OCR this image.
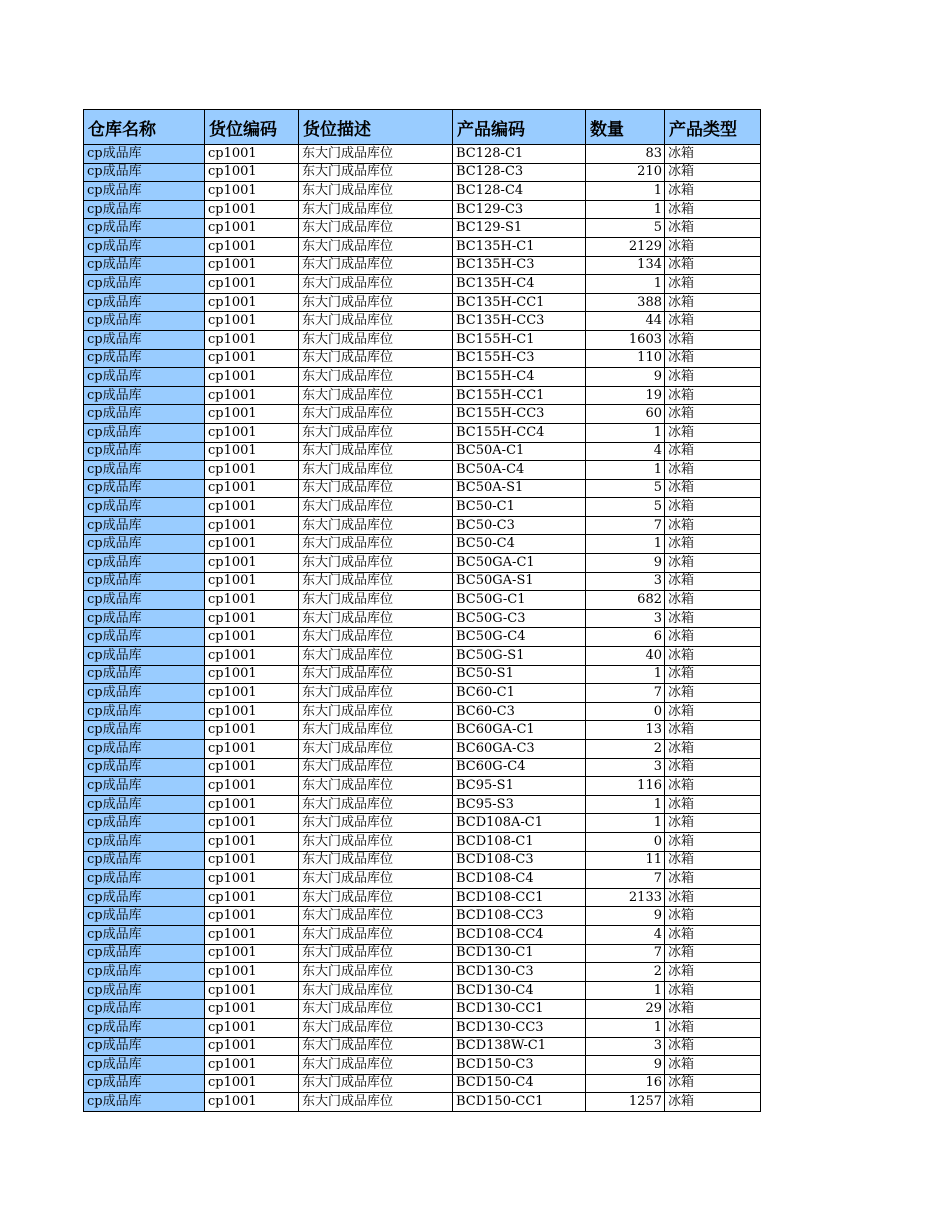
仓库名称	货位编码	货位描述	产品编码	数量	产品类型
cp成品库	cp1001	东大门成品库位	BC128-C1	83	冰箱
cp成品库	cp1001	东大门成品库位	BC128-C3	210	冰箱
cp成品库	cp1001	东大门成品库位	BC128-C4	1	冰箱
cp成品库	cp1001	东大门成品库位	BC129-C3	1	冰箱
cp成品库	cp1001	东大门成品库位	BC129-S1	5	冰箱
cp成品库	cp1001	东大门成品库位	BC135H-C1	2129	冰箱
cp成品库	cp1001	东大门成品库位	BC135H-C3	134	冰箱
cp成品库	cp1001	东大门成品库位	BC135H-C4	1	冰箱
cp成品库	cp1001	东大门成品库位	BC135H-CC1	388	冰箱
cp成品库	cp1001	东大门成品库位	BC135H-CC3	44	冰箱
cp成品库	cp1001	东大门成品库位	BC155H-C1	1603	冰箱
cp成品库	cp1001	东大门成品库位	BC155H-C3	110	冰箱
cp成品库	cp1001	东大门成品库位	BC155H-C4	9	冰箱
cp成品库	cp1001	东大门成品库位	BC155H-CC1	19	冰箱
cp成品库	cp1001	东大门成品库位	BC155H-CC3	60	冰箱
cp成品库	cp1001	东大门成品库位	BC155H-CC4	1	冰箱
cp成品库	cp1001	东大门成品库位	BC50A-C1	4	冰箱
cp成品库	cp1001	东大门成品库位	BC50A-C4	1	冰箱
cp成品库	cp1001	东大门成品库位	BC50A-S1	5	冰箱
cp成品库	cp1001	东大门成品库位	BC50-C1	5	冰箱
cp成品库	cp1001	东大门成品库位	BC50-C3	7	冰箱
cp成品库	cp1001	东大门成品库位	BC50-C4	1	冰箱
cp成品库	cp1001	东大门成品库位	BC50GA-C1	9	冰箱
cp成品库	cp1001	东大门成品库位	BC50GA-S1	3	冰箱
cp成品库	cp1001	东大门成品库位	BC50G-C1	682	冰箱
cp成品库	cp1001	东大门成品库位	BC50G-C3	3	冰箱
cp成品库	cp1001	东大门成品库位	BC50G-C4	6	冰箱
cp成品库	cp1001	东大门成品库位	BC50G-S1	40	冰箱
cp成品库	cp1001	东大门成品库位	BC50-S1	1	冰箱
cp成品库	cp1001	东大门成品库位	BC60-C1	7	冰箱
cp成品库	cp1001	东大门成品库位	BC60-C3	0	冰箱
cp成品库	cp1001	东大门成品库位	BC60GA-C1	13	冰箱
cp成品库	cp1001	东大门成品库位	BC60GA-C3	2	冰箱
cp成品库	cp1001	东大门成品库位	BC60G-C4	3	冰箱
cp成品库	cp1001	东大门成品库位	BC95-S1	116	冰箱
cp成品库	cp1001	东大门成品库位	BC95-S3	1	冰箱
cp成品库	cp1001	东大门成品库位	BCD108A-C1	1	冰箱
cp成品库	cp1001	东大门成品库位	BCD108-C1	0	冰箱
cp成品库	cp1001	东大门成品库位	BCD108-C3	11	冰箱
cp成品库	cp1001	东大门成品库位	BCD108-C4	7	冰箱
cp成品库	cp1001	东大门成品库位	BCD108-CC1	2133	冰箱
cp成品库	cp1001	东大门成品库位	BCD108-CC3	9	冰箱
cp成品库	cp1001	东大门成品库位	BCD108-CC4	4	冰箱
cp成品库	cp1001	东大门成品库位	BCD130-C1	7	冰箱
cp成品库	cp1001	东大门成品库位	BCD130-C3	2	冰箱
cp成品库	cp1001	东大门成品库位	BCD130-C4	1	冰箱
cp成品库	cp1001	东大门成品库位	BCD130-CC1	29	冰箱
cp成品库	cp1001	东大门成品库位	BCD130-CC3	1	冰箱
cp成品库	cp1001	东大门成品库位	BCD138W-C1	3	冰箱
cp成品库	cp1001	东大门成品库位	BCD150-C3	9	冰箱
cp成品库	cp1001	东大门成品库位	BCD150-C4	16	冰箱
cp成品库	cp1001	东大门成品库位	BCD150-CC1	1257	冰箱
